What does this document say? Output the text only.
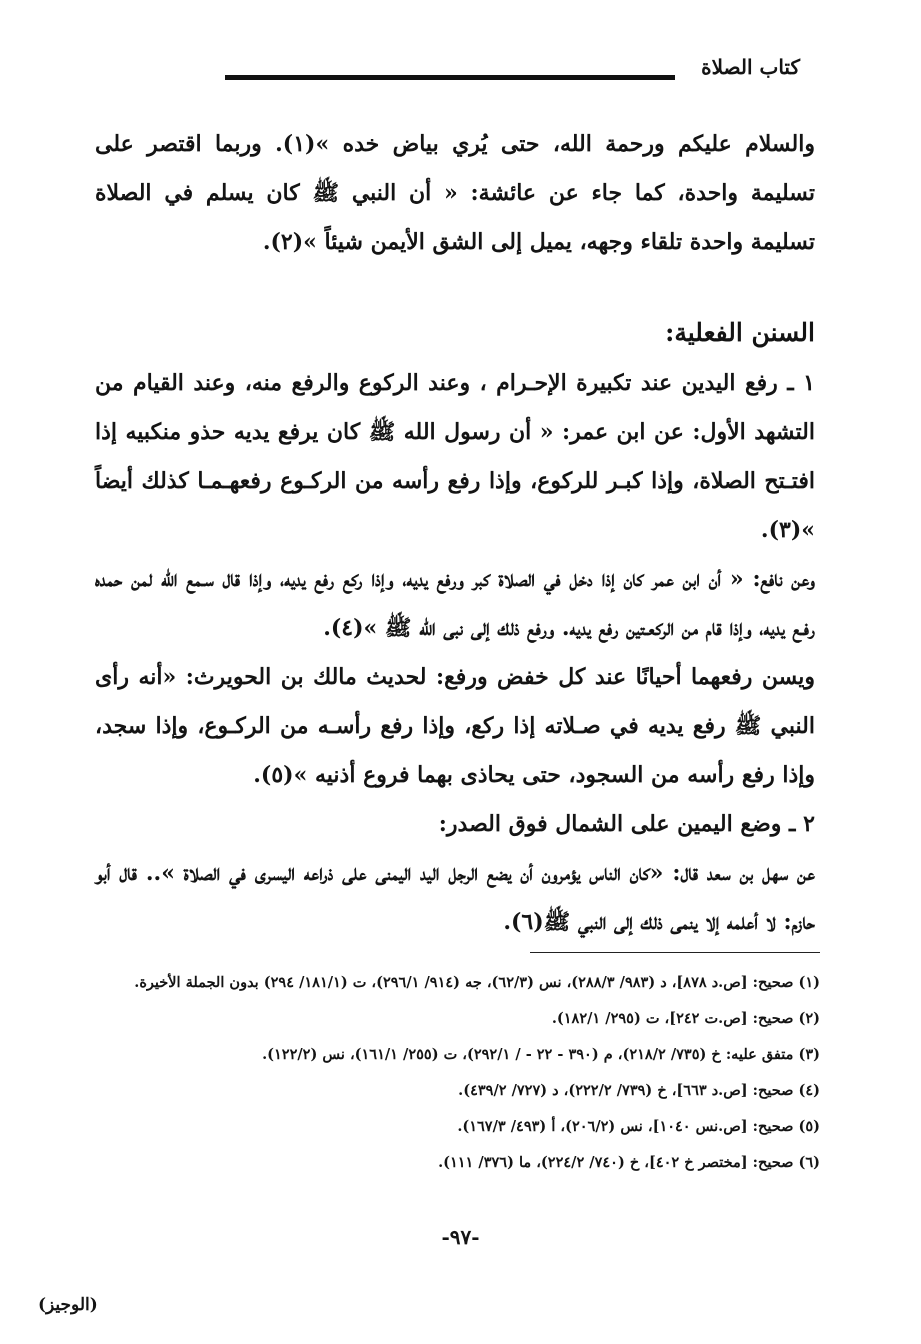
كتاب الصلاة

والسلام عليكم ورحمة الله، حتى يُري بياض خده »(١). وربما اقتصر على تسليمة واحدة، كما جاء عن عائشة: « أن النبي ﷺ كان يسلم في الصلاة تسليمة واحدة تلقاء وجهه، يميل إلى الشق الأيمن شيئاً »(٢).

السنن الفعلية:

١ ـ رفع اليدين عند تكبيرة الإحـرام ، وعند الركوع والرفع منه، وعند القيام من التشهد الأول: عن ابن عمر: « أن رسول الله ﷺ كان يرفع يديه حذو منكبيه إذا افتـتح الصلاة، وإذا كبـر للركوع، وإذا رفع رأسه من الركـوع رفعهـمـا كذلك أيضاً »(٣).

وعن نافع: « أن ابن عمر كان إذا دخل في الصلاة كبر ورفع يديه، وإذا ركع رفع يديه، وإذا قال سـمع الله لمن حمده رفـع يديه، وإذا قام من الركعـتين رفع يديه. ورفع ذلك إلى نبى الله ﷺ »(٤).

ويسن رفعهما أحيانًا عند كل خفض ورفع: لحديث مالك بن الحويرث: «أنه رأى النبي ﷺ رفع يديه في صـلاته إذا ركع، وإذا رفع رأسـه من الركـوع، وإذا سجد، وإذا رفع رأسه من السجود، حتى يحاذى بهما فروع أذنيه »(٥).

٢ ـ وضع اليمين على الشمال فوق الصدر:

عن سهل بن سعد قال: «كان الناس يؤمرون أن يضع الرجل اليد اليمنى على ذراعه اليسرى في الصلاة ».. قال أبو حازم: لا أعلمه إلا ينمى ذلك إلى النبي ﷺ(٦).

(١) صحيح: [ص.د ٨٧٨]، د (٩٨٣/ ٢٨٨/٣)، نس (٦٢/٣)، جه (٩١٤/ ٢٩٦/١)، ت (١٨١/١/ ٢٩٤) بدون الجملة الأخيرة.

(٢) صحيح: [ص.ت ٢٤٢]، ت (٢٩٥/ ١٨٢/١).

(٣) متفق عليه: خ (٧٣٥/ ٢١٨/٢)، م (٣٩٠ - ٢٢ - / ٢٩٢/١)، ت (٢٥٥/ ١٦١/١)، نس (١٢٢/٢).

(٤) صحيح: [ص.د ٦٦٣]، خ (٧٣٩/ ٢٢٢/٢)، د (٧٢٧/ ٤٣٩/٢).

(٥) صحيح: [ص.نس ١٠٤٠]، نس (٢٠٦/٢)، أ (٤٩٣/ ١٦٧/٣).

(٦) صحيح: [مختصر خ ٤٠٢]، خ (٧٤٠/ ٢٢٤/٢)، ما (٣٧٦/ ١١١).

-٩٧-
(الوجيز)
